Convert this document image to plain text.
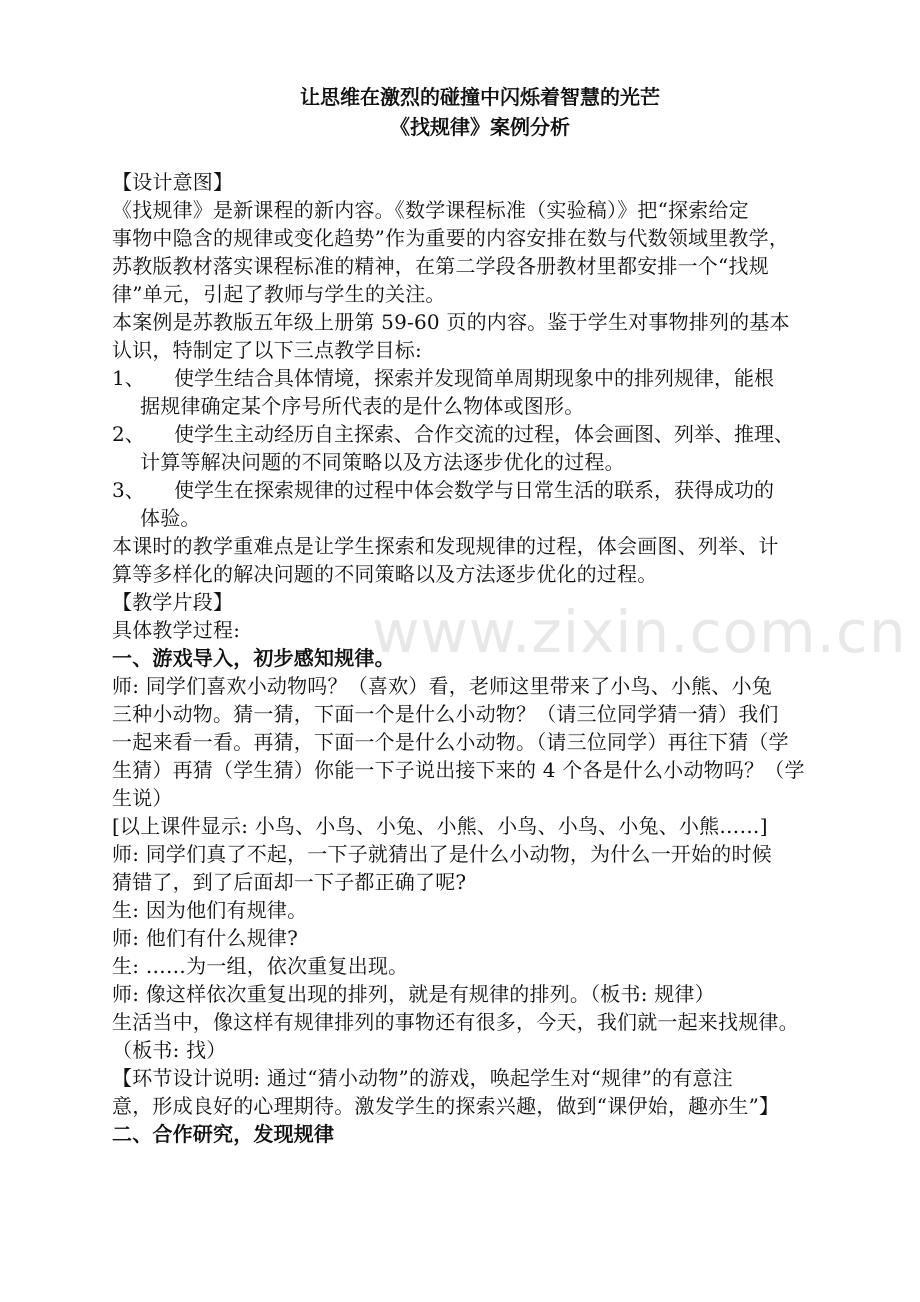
www.zixin.com.cn

让思维在激烈的碰撞中闪烁着智慧的光芒

《找规律》案例分析

【设计意图】

《找规律》是新课程的新内容。《数学课程标准（实验稿）》把“探索给定

事物中隐含的规律或变化趋势”作为重要的内容安排在数与代数领域里教学，

苏教版教材落实课程标准的精神，在第二学段各册教材里都安排一个“找规

律”单元，引起了教师与学生的关注。

本案例是苏教版五年级上册第 59-60 页的内容。鉴于学生对事物排列的基本

认识，特制定了以下三点教学目标:

1、	使学生结合具体情境，探索并发现简单周期现象中的排列规律，能根

据规律确定某个序号所代表的是什么物体或图形。

2、	使学生主动经历自主探索、合作交流的过程，体会画图、列举、推理、

计算等解决问题的不同策略以及方法逐步优化的过程。

3、	使学生在探索规律的过程中体会数学与日常生活的联系，获得成功的

体验。

本课时的教学重难点是让学生探索和发现规律的过程，体会画图、列举、计

算等多样化的解决问题的不同策略以及方法逐步优化的过程。

【教学片段】

具体教学过程:

一、游戏导入，初步感知规律。

师: 同学们喜欢小动物吗？（喜欢）看，老师这里带来了小鸟、小熊、小兔

三种小动物。猜一猜，下面一个是什么小动物？（请三位同学猜一猜）我们

一起来看一看。再猜，下面一个是什么小动物。（请三位同学）再往下猜（学

生猜）再猜（学生猜）你能一下子说出接下来的 4 个各是什么小动物吗？（学

生说）

[以上课件显示: 小鸟、小鸟、小兔、小熊、小鸟、小鸟、小兔、小熊……]

师: 同学们真了不起，一下子就猜出了是什么小动物，为什么一开始的时候

猜错了，到了后面却一下子都正确了呢?

生: 因为他们有规律。

师: 他们有什么规律?

生: ……为一组，依次重复出现。

师: 像这样依次重复出现的排列，就是有规律的排列。（板书: 规律）

生活当中，像这样有规律排列的事物还有很多，今天，我们就一起来找规律。

（板书: 找）

【环节设计说明: 通过“猜小动物”的游戏，唤起学生对“规律”的有意注

意，形成良好的心理期待。激发学生的探索兴趣，做到“课伊始，趣亦生”】

二、合作研究，发现规律
